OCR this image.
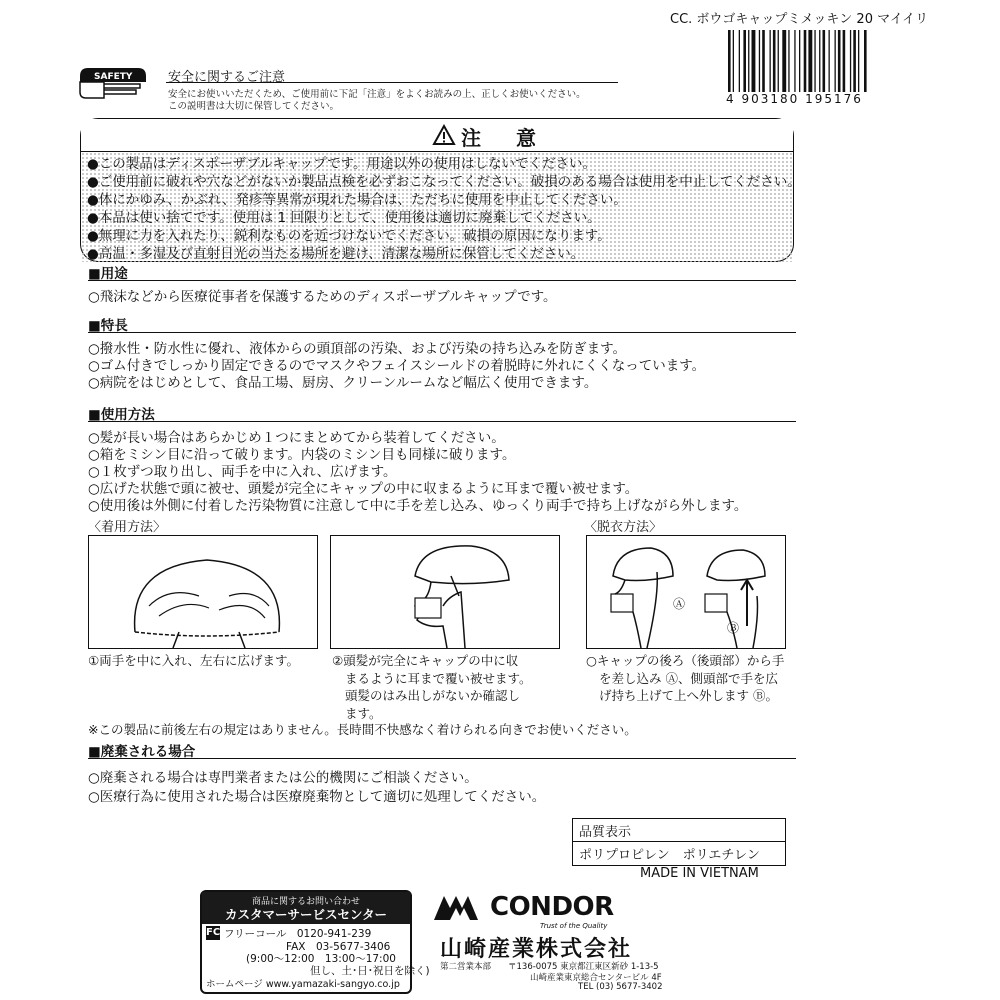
CC. ボウゴキャップミメッキン 20 マイイリ
4 903180 195176
SAFETY	安全に関するご注意
安全にお使いいただくため、ご使用前に下記「注意」をよくお読みの上、正しくお使いください。
この説明書は大切に保管してください。
注 意
●この製品はディスポーザブルキャップです。用途以外の使用はしないでください。
●ご使用前に破れや穴などがないか製品点検を必ずおこなってください。破損のある場合は使用を中止してください。
●体にかゆみ、かぶれ、発疹等異常が現れた場合は、ただちに使用を中止してください。
●本品は使い捨てです。使用は 1 回限りとして、使用後は適切に廃棄してください。
●無理に力を入れたり、鋭利なものを近づけないでください。破損の原因になります。
●高温・多湿及び直射日光の当たる場所を避け、清潔な場所に保管してください。
■用途
○飛沫などから医療従事者を保護するためのディスポーザブルキャップです。
■特長
○撥水性・防水性に優れ、液体からの頭頂部の汚染、および汚染の持ち込みを防ぎます。
○ゴム付きでしっかり固定できるのでマスクやフェイスシールドの着脱時に外れにくくなっています。
○病院をはじめとして、食品工場、厨房、クリーンルームなど幅広く使用できます。
■使用方法
○髪が長い場合はあらかじめ１つにまとめてから装着してください。
○箱をミシン目に沿って破ります。内袋のミシン目も同様に破ります。
○１枚ずつ取り出し、両手を中に入れ、広げます。
○広げた状態で頭に被せ、頭髪が完全にキャップの中に収まるように耳まで覆い被せます。
○使用後は外側に付着した汚染物質に注意して中に手を差し込み、ゆっくり両手で持ち上げながら外します。
〈着用方法〉	〈脱衣方法〉
Ⓐ
Ⓑ
①両手を中に入れ、左右に広げます。	②頭髪が完全にキャップの中に収
まるように耳まで覆い被せます。
頭髪のはみ出しがないか確認し
ます。
○キャップの後ろ（後頭部）から手
を差し込み Ⓐ、側頭部で手を広
げ持ち上げて上へ外します Ⓑ。
※この製品に前後左右の規定はありません。長時間不快感なく着けられる向きでお使いください。
■廃棄される場合
○廃棄される場合は専門業者または公的機関にご相談ください。
○医療行為に使用された場合は医療廃棄物として適切に処理してください。
品質表示
ポリプロピレン　ポリエチレン
MADE IN VIETNAM
商品に関するお問い合わせ
カスタマーサービスセンター
FC フリーコール　0120-941-239
FAX　03-5677-3406
(9:00〜12:00　13:00〜17:00
但し、土･日･祝日を除く)
ホームページ www.yamazaki-sangyo.co.jp
CONDOR
Trust of the Quality
山崎産業株式会社
第二営業本部 〒136-0075 東京都江東区新砂 1-13-5
山崎産業東京総合センタービル 4F
TEL (03) 5677-3402
